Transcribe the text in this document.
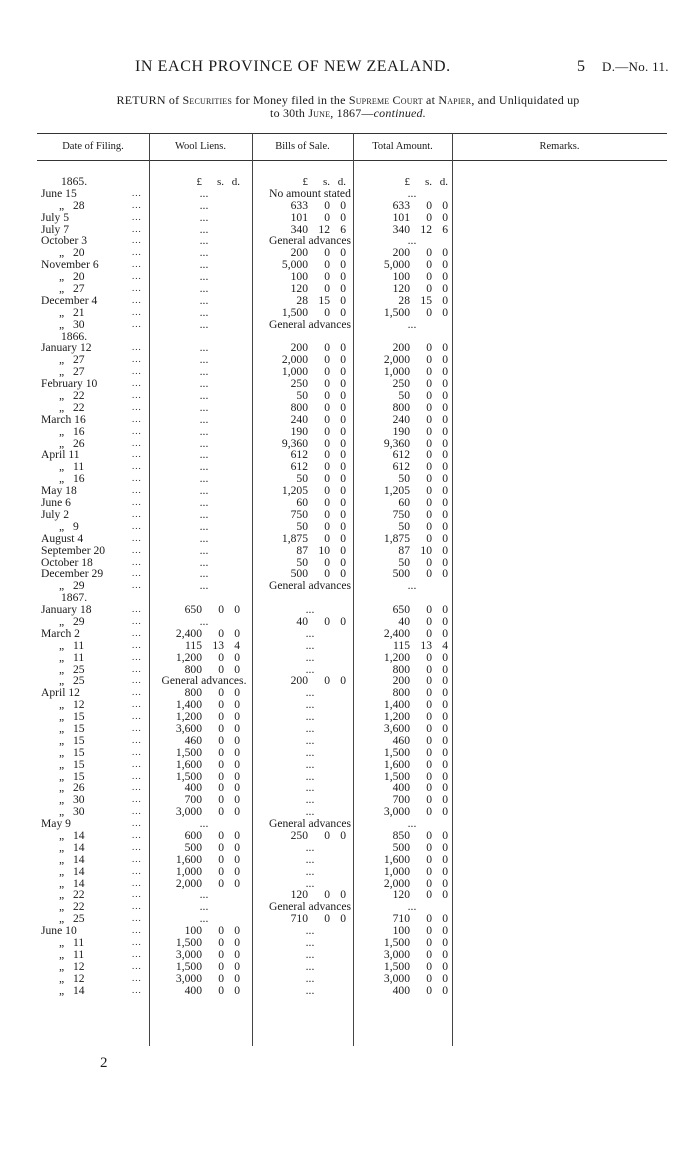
IN EACH PROVINCE OF NEW ZEALAND.	5 D.—No. 11.
RETURN of Securities for Money filed in the Supreme Court at Napier, and Unliquidated up
to 30th June, 1867—continued.
Date of Filing.	Wool Liens.	Bills of Sale.	Total Amount.	Remarks.
1865.	£ s. d.	£ s. d.	£ s. d.
June 15	...	...	No amount stated	...
„ 28	...	...	633 0 0	633 0 0
July 5	...	...	101 0 0	101 0 0
July 7	...	...	340 12 6	340 12 6
October 3	...	...	General advances	...
„ 20	...	...	200 0 0	200 0 0
November 6	...	...	5,000 0 0	5,000 0 0
„ 20	...	...	100 0 0	100 0 0
„ 27	...	...	120 0 0	120 0 0
December 4	...	...	28 15 0	28 15 0
„ 21	...	...	1,500 0 0	1,500 0 0
„ 30	...	...	General advances	...
1866.
January 12	...	...	200 0 0	200 0 0
„ 27	...	...	2,000 0 0	2,000 0 0
„ 27	...	...	1,000 0 0	1,000 0 0
February 10	...	...	250 0 0	250 0 0
„ 22	...	...	50 0 0	50 0 0
„ 22	...	...	800 0 0	800 0 0
March 16	...	...	240 0 0	240 0 0
„ 16	...	...	190 0 0	190 0 0
„ 26	...	...	9,360 0 0	9,360 0 0
April 11	...	...	612 0 0	612 0 0
„ 11	...	...	612 0 0	612 0 0
„ 16	...	...	50 0 0	50 0 0
May 18	...	...	1,205 0 0	1,205 0 0
June 6	...	...	60 0 0	60 0 0
July 2	...	...	750 0 0	750 0 0
„ 9	...	...	50 0 0	50 0 0
August 4	...	...	1,875 0 0	1,875 0 0
September 20	...	...	87 10 0	87 10 0
October 18	...	...	50 0 0	50 0 0
December 29	...	...	500 0 0	500 0 0
„ 29	...	...	General advances	...
1867.
January 18	...	650 0 0	...	650 0 0
„ 29	...	...	40 0 0	40 0 0
March 2	...	2,400 0 0	...	2,400 0 0
„ 11	...	115 13 4	...	115 13 4
„ 11	...	1,200 0 0	...	1,200 0 0
„ 25	...	800 0 0	...	800 0 0
„ 25	...	General advances.	200 0 0	200 0 0
April 12	...	800 0 0	...	800 0 0
„ 12	...	1,400 0 0	...	1,400 0 0
„ 15	...	1,200 0 0	...	1,200 0 0
„ 15	...	3,600 0 0	...	3,600 0 0
„ 15	...	460 0 0	...	460 0 0
„ 15	...	1,500 0 0	...	1,500 0 0
„ 15	...	1,600 0 0	...	1,600 0 0
„ 15	...	1,500 0 0	...	1,500 0 0
„ 26	...	400 0 0	...	400 0 0
„ 30	...	700 0 0	...	700 0 0
„ 30	...	3,000 0 0	...	3,000 0 0
May 9	...	...	General advances	...
„ 14	...	600 0 0	250 0 0	850 0 0
„ 14	...	500 0 0	...	500 0 0
„ 14	...	1,600 0 0	...	1,600 0 0
„ 14	...	1,000 0 0	...	1,000 0 0
„ 14	...	2,000 0 0	...	2,000 0 0
„ 22	...	...	120 0 0	120 0 0
„ 22	...	...	General advances	...
„ 25	...	...	710 0 0	710 0 0
June 10	...	100 0 0	...	100 0 0
„ 11	...	1,500 0 0	...	1,500 0 0
„ 11	...	3,000 0 0	...	3,000 0 0
„ 12	...	1,500 0 0	...	1,500 0 0
„ 12	...	3,000 0 0	...	3,000 0 0
„ 14	...	400 0 0	...	400 0 0
2
